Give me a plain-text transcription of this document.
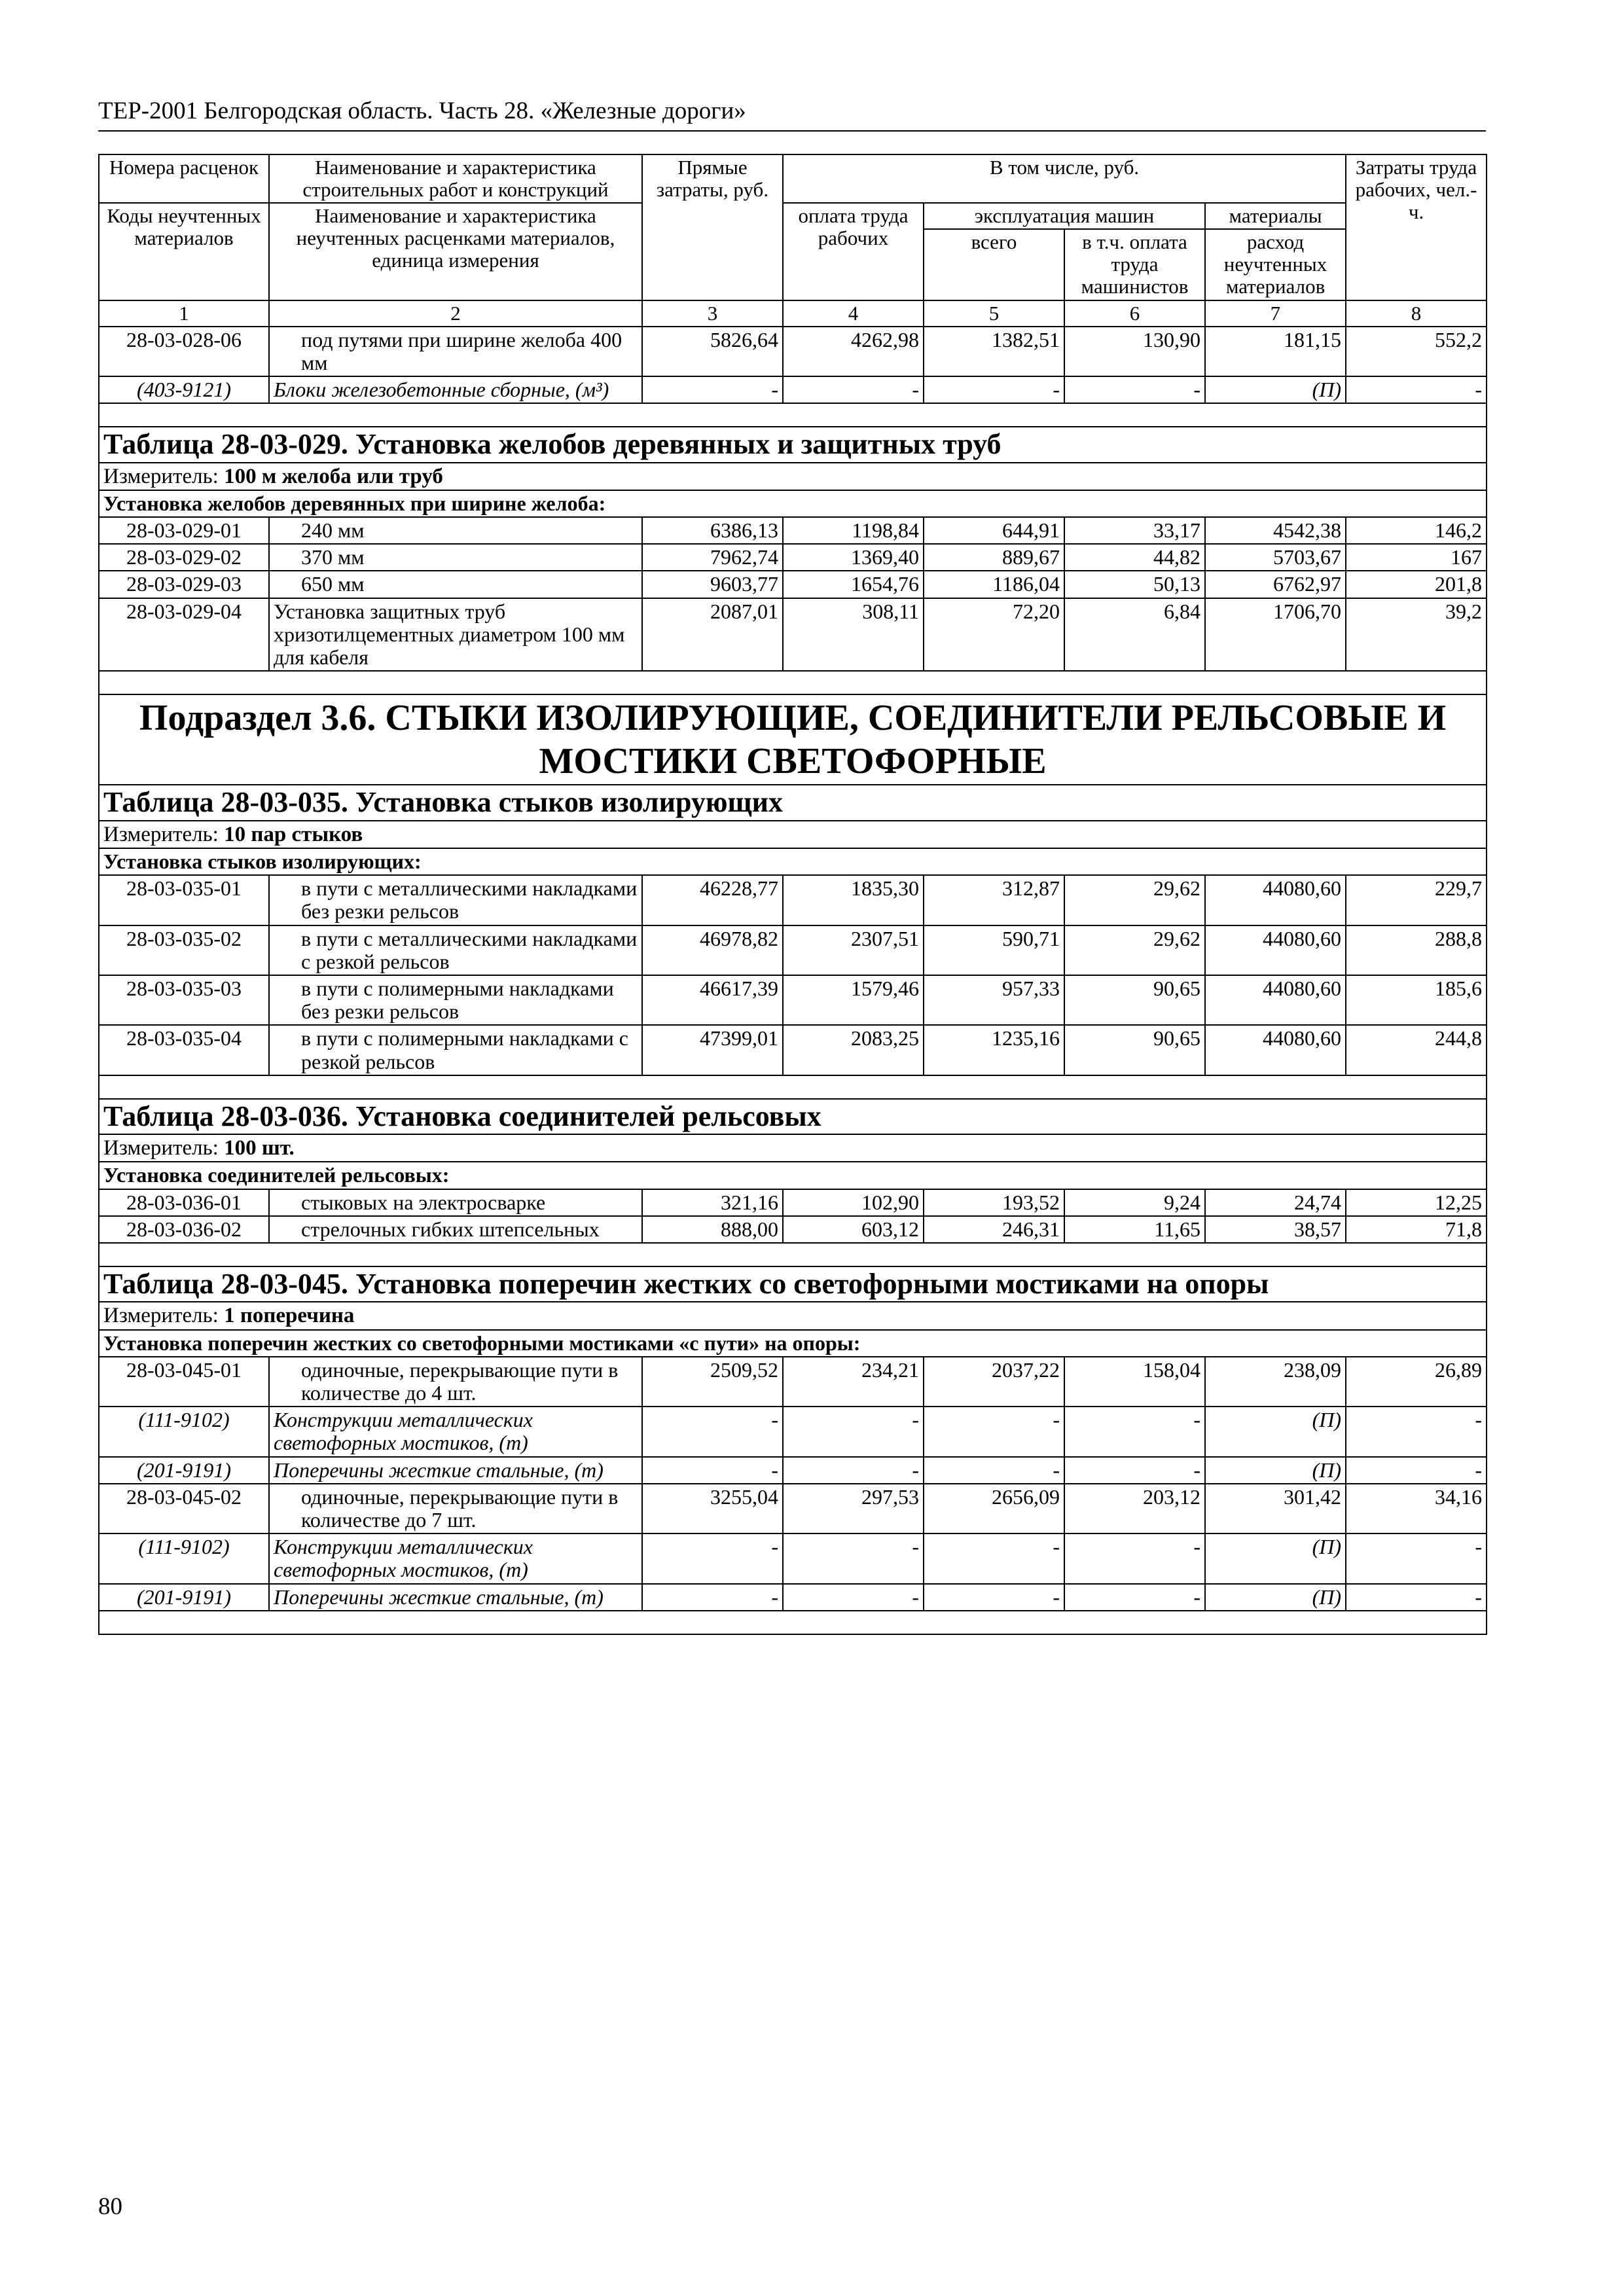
ТЕР-2001 Белгородская область. Часть 28. «Железные дороги»
Номера расценок	Наименование и характеристика строительных работ и конструкций	Прямые затраты, руб.	В том числе, руб.				Затраты труда рабочих, чел.-ч.
Коды неучтенных материалов	Наименование и характеристика неучтенных расценками материалов, единица измерения		оплата труда рабочих	эксплуатация машин		материалы	
				всего	в т.ч. оплата труда машинистов	расход неучтенных материалов	
1	2	3	4	5	6	7	8
28-03-028-06	под путями при ширине желоба 400 мм	5826,64	4262,98	1382,51	130,90	181,15	552,2
(403-9121)	Блоки железобетонные сборные, (м³)	-	-	-	-	(П)	-

Таблица 28-03-029. Установка желобов деревянных и защитных труб							
Измеритель: 100 м желоба или труб							
Установка желобов деревянных при ширине желоба:							
28-03-029-01	240 мм	6386,13	1198,84	644,91	33,17	4542,38	146,2
28-03-029-02	370 мм	7962,74	1369,40	889,67	44,82	5703,67	167
28-03-029-03	650 мм	9603,77	1654,76	1186,04	50,13	6762,97	201,8
28-03-029-04	Установка защитных труб хризотилцементных диаметром 100 мм для кабеля	2087,01	308,11	72,20	6,84	1706,70	39,2

Подраздел 3.6. СТЫКИ ИЗОЛИРУЮЩИЕ, СОЕДИНИТЕЛИ РЕЛЬСОВЫЕ И МОСТИКИ СВЕТОФОРНЫЕ							
Таблица 28-03-035. Установка стыков изолирующих							
Измеритель: 10 пар стыков							
Установка стыков изолирующих:							
28-03-035-01	в пути с металлическими накладками без резки рельсов	46228,77	1835,30	312,87	29,62	44080,60	229,7
28-03-035-02	в пути с металлическими накладками с резкой рельсов	46978,82	2307,51	590,71	29,62	44080,60	288,8
28-03-035-03	в пути с полимерными накладками без резки рельсов	46617,39	1579,46	957,33	90,65	44080,60	185,6
28-03-035-04	в пути с полимерными накладками с резкой рельсов	47399,01	2083,25	1235,16	90,65	44080,60	244,8

Таблица 28-03-036. Установка соединителей рельсовых							
Измеритель: 100 шт.							
Установка соединителей рельсовых:							
28-03-036-01	стыковых на электросварке	321,16	102,90	193,52	9,24	24,74	12,25
28-03-036-02	стрелочных гибких штепсельных	888,00	603,12	246,31	11,65	38,57	71,8

Таблица 28-03-045. Установка поперечин жестких со светофорными мостиками на опоры							
Измеритель: 1 поперечина							
Установка поперечин жестких со светофорными мостиками «с пути» на опоры:							
28-03-045-01	одиночные, перекрывающие пути в количестве до 4 шт.	2509,52	234,21	2037,22	158,04	238,09	26,89
(111-9102)	Конструкции металлических светофорных мостиков, (т)	-	-	-	-	(П)	-
(201-9191)	Поперечины жесткие стальные, (т)	-	-	-	-	(П)	-
28-03-045-02	одиночные, перекрывающие пути в количестве до 7 шт.	3255,04	297,53	2656,09	203,12	301,42	34,16
(111-9102)	Конструкции металлических светофорных мостиков, (т)	-	-	-	-	(П)	-
(201-9191)	Поперечины жесткие стальные, (т)	-	-	-	-	(П)	-

80
